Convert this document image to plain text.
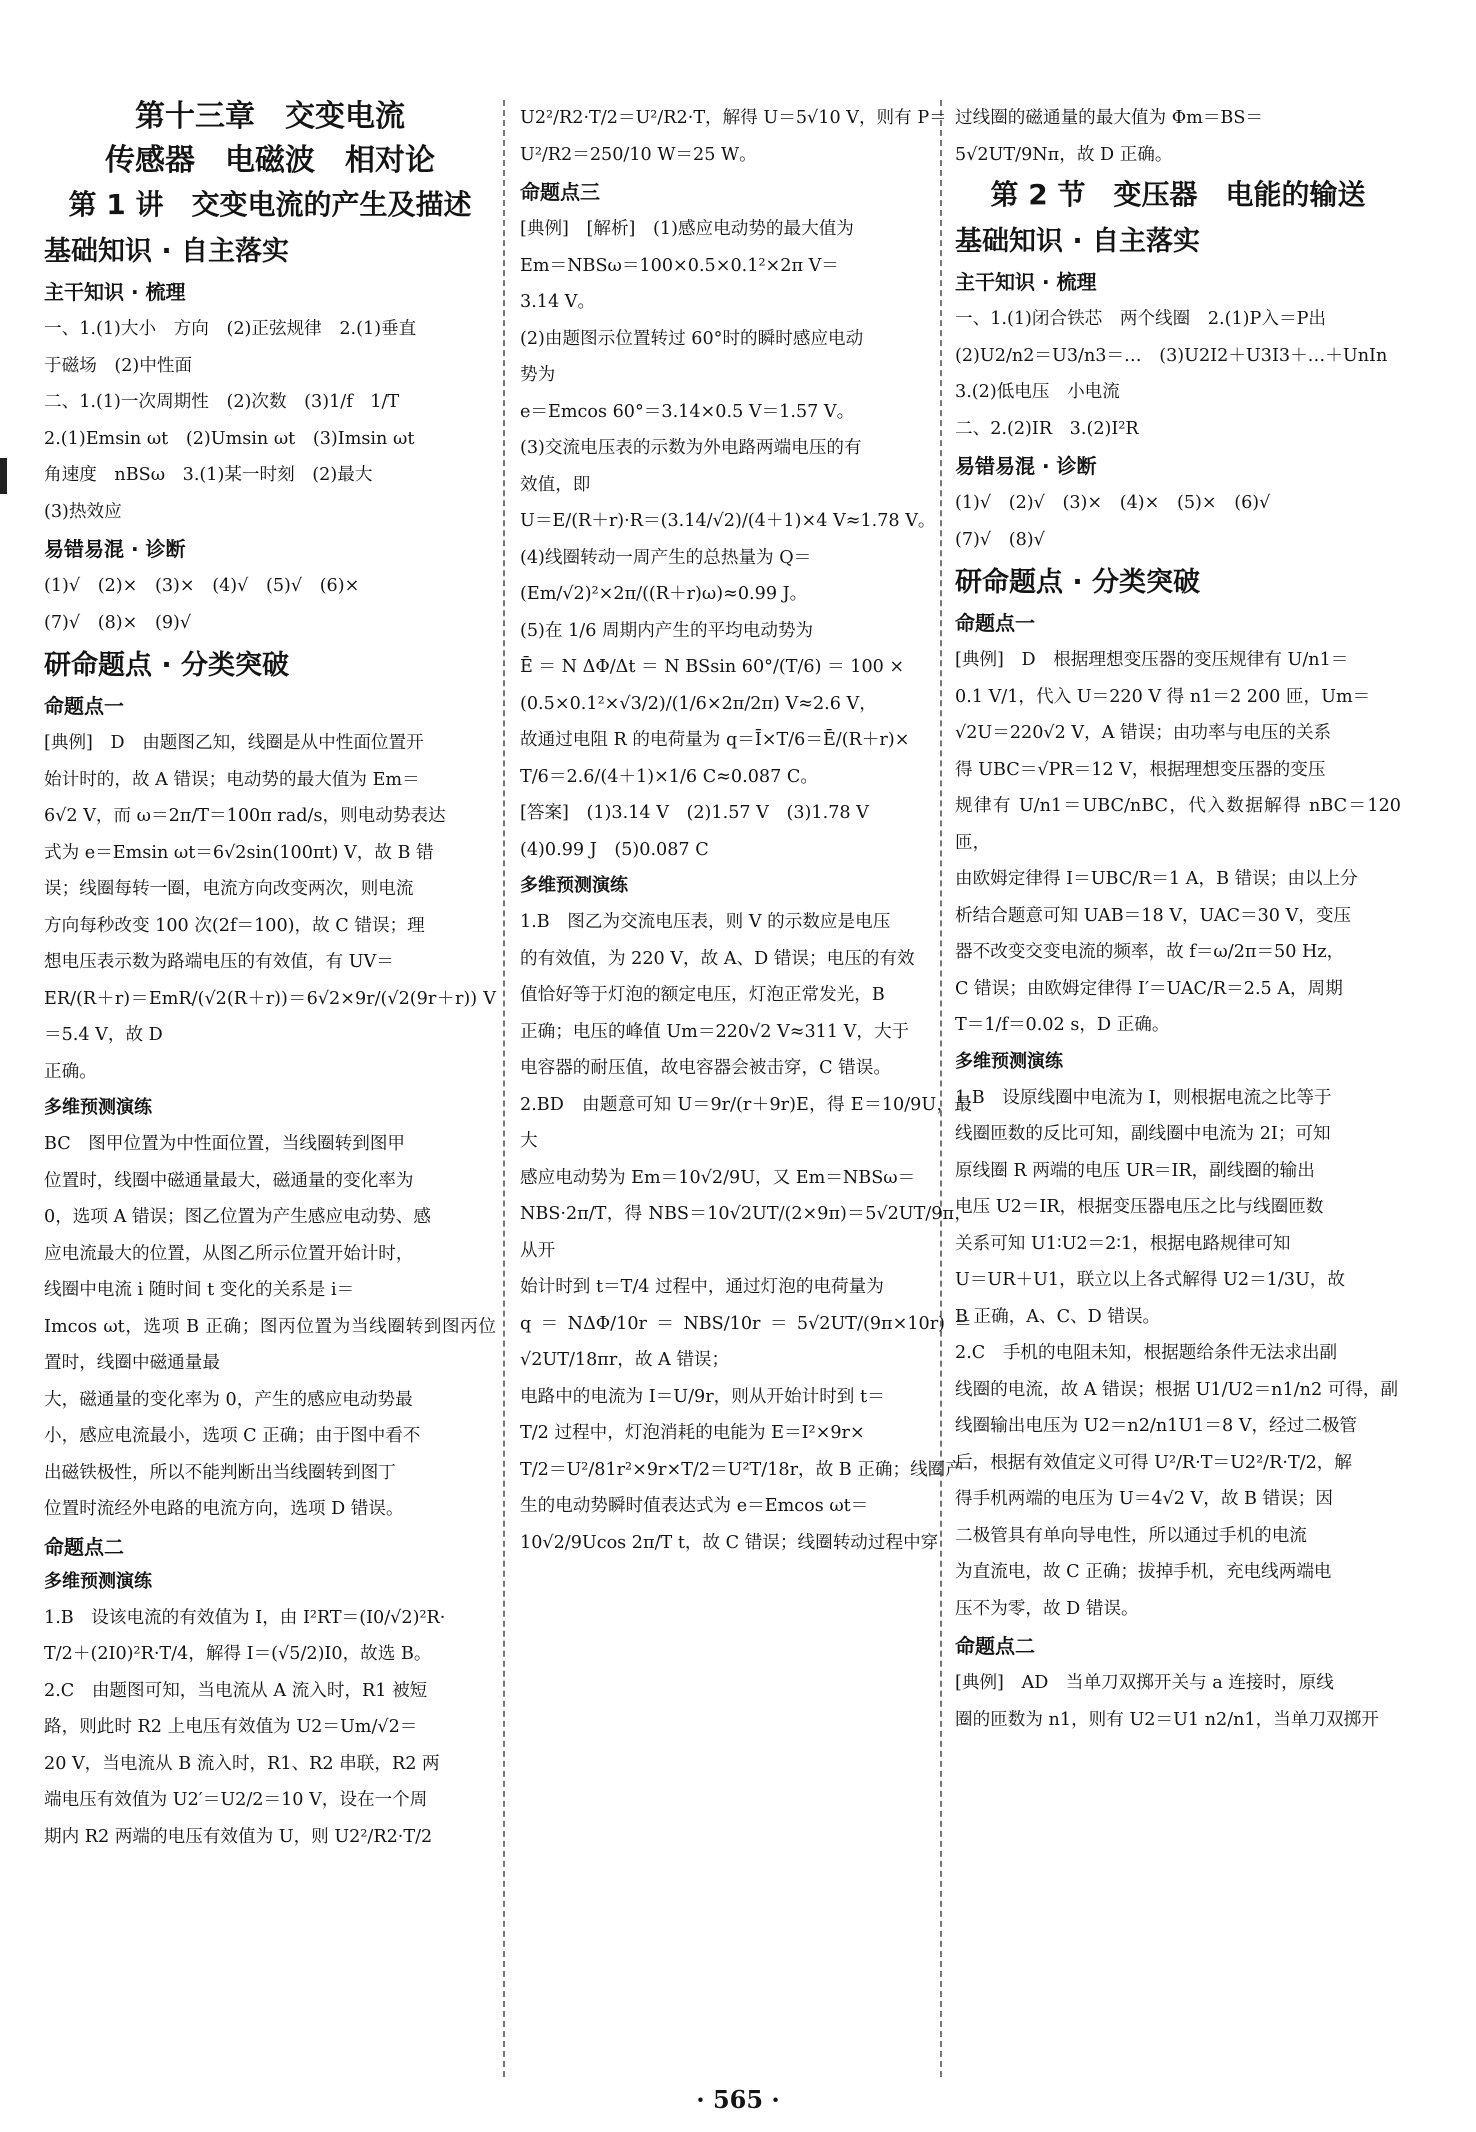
第十三章　交变电流
传感器　电磁波　相对论
第 1 讲　交变电流的产生及描述
基础知识 · 自主落实
主干知识 · 梳理

一、1.(1)大小　方向　(2)正弦规律　2.(1)垂直

于磁场　(2)中性面

二、1.(1)一次周期性　(2)次数　(3)1/f　1/T

2.(1)Emsin ωt　(2)Umsin ωt　(3)Imsin ωt

角速度　nBSω　3.(1)某一时刻　(2)最大

(3)热效应

易错易混 · 诊断

(1)√　(2)×　(3)×　(4)√　(5)√　(6)×

(7)√　(8)×　(9)√

研命题点 · 分类突破
命题点一

[典例]　D　由题图乙知，线圈是从中性面位置开

始计时的，故 A 错误；电动势的最大值为 Em＝

6√2 V，而 ω＝2π/T＝100π rad/s，则电动势表达

式为 e＝Emsin ωt＝6√2sin(100πt) V，故 B 错

误；线圈每转一圈，电流方向改变两次，则电流

方向每秒改变 100 次(2f＝100)，故 C 错误；理

想电压表示数为路端电压的有效值，有 UV＝

ER/(R＋r)＝EmR/(√2(R＋r))＝6√2×9r/(√2(9r＋r)) V＝5.4 V，故 D

正确。

多维预测演练

BC　图甲位置为中性面位置，当线圈转到图甲

位置时，线圈中磁通量最大，磁通量的变化率为

0，选项 A 错误；图乙位置为产生感应电动势、感

应电流最大的位置，从图乙所示位置开始计时，

线圈中电流 i 随时间 t 变化的关系是 i＝

Imcos ωt，选项 B 正确；图丙位置为当线圈转到图丙位置时，线圈中磁通量最

大，磁通量的变化率为 0，产生的感应电动势最

小，感应电流最小，选项 C 正确；由于图中看不

出磁铁极性，所以不能判断出当线圈转到图丁

位置时流经外电路的电流方向，选项 D 错误。

命题点二
多维预测演练

1.B　设该电流的有效值为 I，由 I²RT＝(I0/√2)²R·

T/2＋(2I0)²R·T/4，解得 I＝(√5/2)I0，故选 B。

2.C　由题图可知，当电流从 A 流入时，R1 被短

路，则此时 R2 上电压有效值为 U2＝Um/√2＝

20 V，当电流从 B 流入时，R1、R2 串联，R2 两

端电压有效值为 U2′＝U2/2＝10 V，设在一个周

期内 R2 两端的电压有效值为 U，则 U2²/R2·T/2

U2²/R2·T/2＝U²/R2·T，解得 U＝5√10 V，则有 P＝

U²/R2＝250/10 W＝25 W。

命题点三

[典例]　[解析]　(1)感应电动势的最大值为

Em＝NBSω＝100×0.5×0.1²×2π V＝

3.14 V。

(2)由题图示位置转过 60°时的瞬时感应电动

势为

e＝Emcos 60°＝3.14×0.5 V＝1.57 V。

(3)交流电压表的示数为外电路两端电压的有

效值，即

U＝E/(R＋r)·R＝(3.14/√2)/(4＋1)×4 V≈1.78 V。

(4)线圈转动一周产生的总热量为 Q＝

(Em/√2)²×2π/((R＋r)ω)≈0.99 J。

(5)在 1/6 周期内产生的平均电动势为

Ē ＝ N ΔΦ/Δt ＝ N BSsin 60°/(T/6) ＝ 100 ×

(0.5×0.1²×√3/2)/(1/6×2π/2π) V≈2.6 V，

故通过电阻 R 的电荷量为 q＝Ī×T/6＝Ē/(R＋r)×

T/6＝2.6/(4＋1)×1/6 C≈0.087 C。

[答案]　(1)3.14 V　(2)1.57 V　(3)1.78 V

(4)0.99 J　(5)0.087 C

多维预测演练

1.B　图乙为交流电压表，则 V 的示数应是电压

的有效值，为 220 V，故 A、D 错误；电压的有效

值恰好等于灯泡的额定电压，灯泡正常发光，B

正确；电压的峰值 Um＝220√2 V≈311 V，大于

电容器的耐压值，故电容器会被击穿，C 错误。

2.BD　由题意可知 U＝9r/(r＋9r)E，得 E＝10/9U，最大

感应电动势为 Em＝10√2/9U，又 Em＝NBSω＝

NBS·2π/T，得 NBS＝10√2UT/(2×9π)＝5√2UT/9π，从开

始计时到 t＝T/4 过程中，通过灯泡的电荷量为

q＝NΔΦ/10r＝NBS/10r＝5√2UT/(9π×10r)＝√2UT/18πr，故 A 错误；

电路中的电流为 I＝U/9r，则从开始计时到 t＝

T/2 过程中，灯泡消耗的电能为 E＝I²×9r×

T/2＝U²/81r²×9r×T/2＝U²T/18r，故 B 正确；线圈产

生的电动势瞬时值表达式为 e＝Emcos ωt＝

10√2/9Ucos 2π/T t，故 C 错误；线圈转动过程中穿

过线圈的磁通量的最大值为 Φm＝BS＝

5√2UT/9Nπ，故 D 正确。

第 2 节　变压器　电能的输送
基础知识 · 自主落实
主干知识 · 梳理

一、1.(1)闭合铁芯　两个线圈　2.(1)P入＝P出

(2)U2/n2＝U3/n3＝…　(3)U2I2＋U3I3＋…＋UnIn

3.(2)低电压　小电流

二、2.(2)IR　3.(2)I²R

易错易混 · 诊断

(1)√　(2)√　(3)×　(4)×　(5)×　(6)√

(7)√　(8)√

研命题点 · 分类突破
命题点一

[典例]　D　根据理想变压器的变压规律有 U/n1＝

0.1 V/1，代入 U＝220 V 得 n1＝2 200 匝，Um＝

√2U＝220√2 V，A 错误；由功率与电压的关系

得 UBC＝√PR＝12 V，根据理想变压器的变压

规律有 U/n1＝UBC/nBC，代入数据解得 nBC＝120 匝，

由欧姆定律得 I＝UBC/R＝1 A，B 错误；由以上分

析结合题意可知 UAB＝18 V，UAC＝30 V，变压

器不改变交变电流的频率，故 f＝ω/2π＝50 Hz，

C 错误；由欧姆定律得 I′＝UAC/R＝2.5 A，周期

T＝1/f＝0.02 s，D 正确。

多维预测演练

1.B　设原线圈中电流为 I，则根据电流之比等于

线圈匝数的反比可知，副线圈中电流为 2I；可知

原线圈 R 两端的电压 UR＝IR，副线圈的输出

电压 U2＝IR，根据变压器电压之比与线圈匝数

关系可知 U1∶U2＝2∶1，根据电路规律可知

U＝UR＋U1，联立以上各式解得 U2＝1/3U，故

B 正确，A、C、D 错误。

2.C　手机的电阻未知，根据题给条件无法求出副

线圈的电流，故 A 错误；根据 U1/U2＝n1/n2 可得，副

线圈输出电压为 U2＝n2/n1U1＝8 V，经过二极管

后，根据有效值定义可得 U²/R·T＝U2²/R·T/2，解

得手机两端的电压为 U＝4√2 V，故 B 错误；因

二极管具有单向导电性，所以通过手机的电流

为直流电，故 C 正确；拔掉手机，充电线两端电

压不为零，故 D 错误。

命题点二

[典例]　AD　当单刀双掷开关与 a 连接时，原线

圈的匝数为 n1，则有 U2＝U1 n2/n1，当单刀双掷开

· 565 ·
